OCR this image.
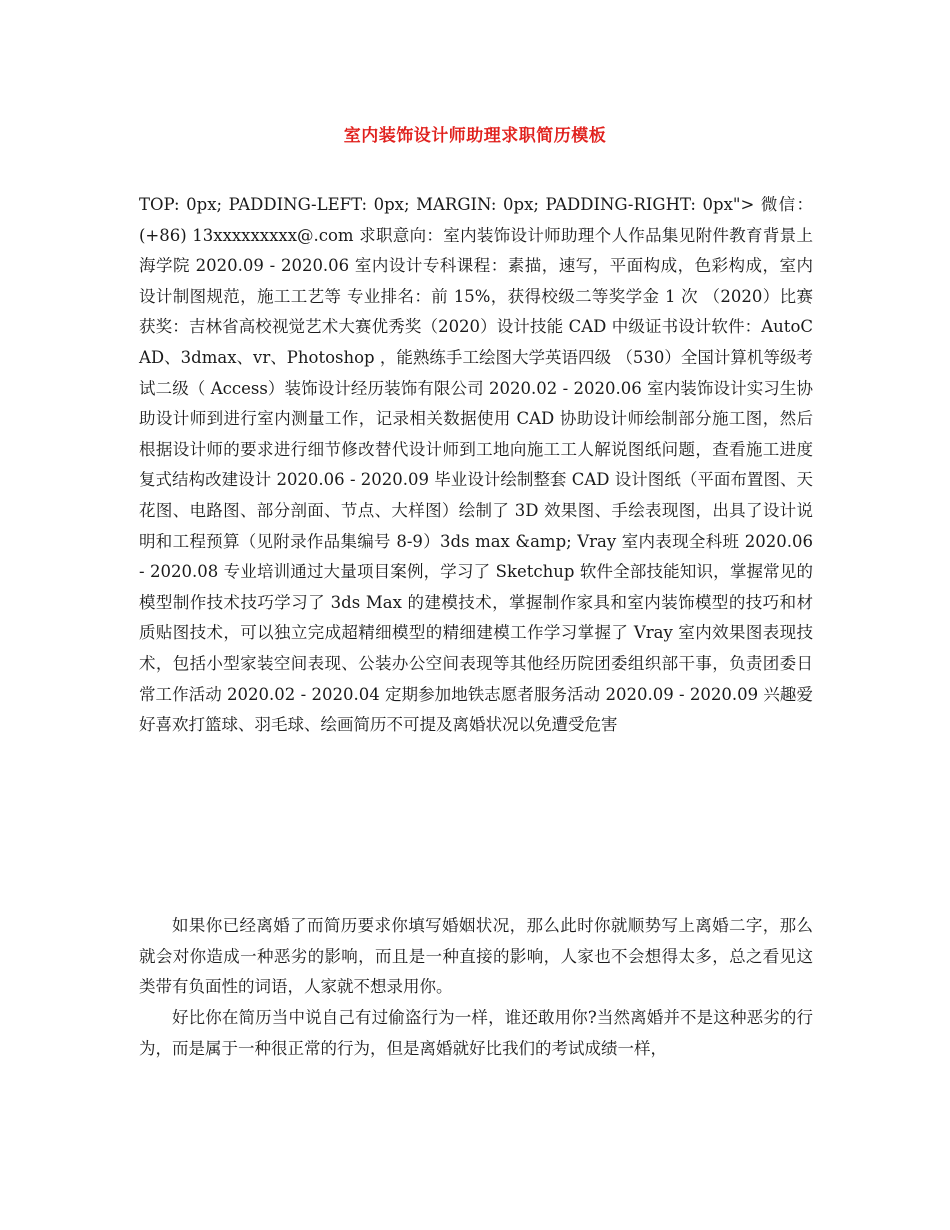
室内装饰设计师助理求职简历模板

TOP: 0px; PADDING-LEFT: 0px; MARGIN: 0px; PADDING-RIGHT: 0px"> 微信：(+86) 13xxxxxxxxx@.com 求职意向：室内装饰设计师助理个人作品集见附件教育背景上海学院 2020.09 - 2020.06 室内设计专科课程：素描，速写，平面构成，色彩构成，室内设计制图规范，施工工艺等 专业排名：前 15%，获得校级二等奖学金 1 次 （2020）比赛获奖：吉林省高校视觉艺术大赛优秀奖（2020）设计技能 CAD 中级证书设计软件：AutoCAD、3dmax、vr、Photoshop ，能熟练手工绘图大学英语四级 （530）全国计算机等级考试二级（ Access）装饰设计经历装饰有限公司 2020.02 - 2020.06 室内装饰设计实习生协助设计师到进行室内测量工作，记录相关数据使用 CAD 协助设计师绘制部分施工图，然后根据设计师的要求进行细节修改替代设计师到工地向施工工人解说图纸问题，查看施工进度复式结构改建设计 2020.06 - 2020.09 毕业设计绘制整套 CAD 设计图纸（平面布置图、天花图、电路图、部分剖面、节点、大样图）绘制了 3D 效果图、手绘表现图，出具了设计说明和工程预算（见附录作品集编号 8-9）3ds max &amp; Vray 室内表现全科班 2020.06 - 2020.08 专业培训通过大量项目案例，学习了 Sketchup 软件全部技能知识，掌握常见的模型制作技术技巧学习了 3ds Max 的建模技术，掌握制作家具和室内装饰模型的技巧和材质贴图技术，可以独立完成超精细模型的精细建模工作学习掌握了 Vray 室内效果图表现技术，包括小型家装空间表现、公装办公空间表现等其他经历院团委组织部干事，负责团委日常工作活动 2020.02 - 2020.04 定期参加地铁志愿者服务活动 2020.09 - 2020.09 兴趣爱好喜欢打篮球、羽毛球、绘画简历不可提及离婚状况以免遭受危害

如果你已经离婚了而简历要求你填写婚姻状况，那么此时你就顺势写上离婚二字，那么就会对你造成一种恶劣的影响，而且是一种直接的影响，人家也不会想得太多，总之看见这类带有负面性的词语，人家就不想录用你。

好比你在简历当中说自己有过偷盗行为一样，谁还敢用你?当然离婚并不是这种恶劣的行为，而是属于一种很正常的行为，但是离婚就好比我们的考试成绩一样，
